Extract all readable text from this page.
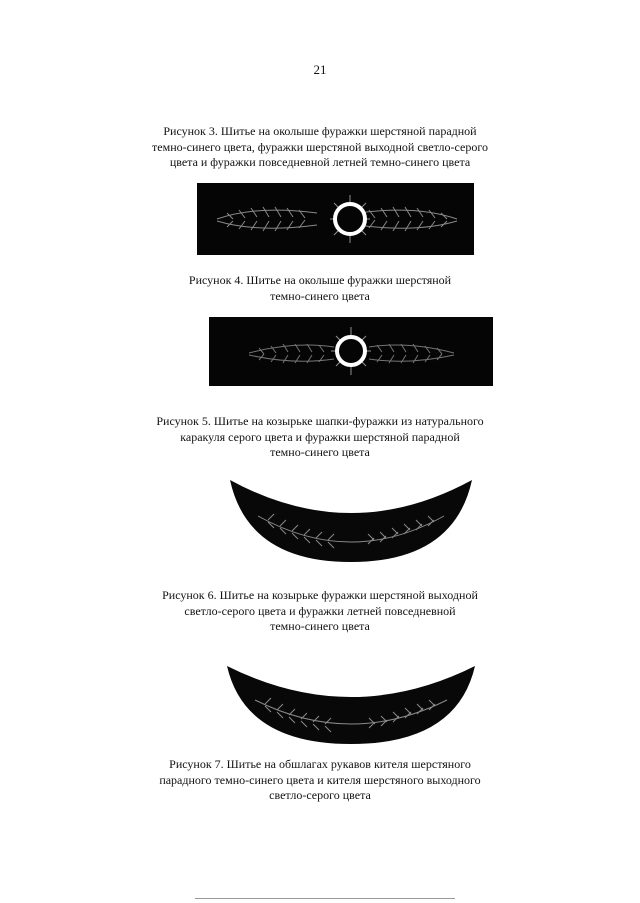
21
Рисунок 3. Шитье на околыше фуражки шерстяной парадной
темно-синего цвета, фуражки шерстяной выходной светло-серого
цвета и фуражки повседневной летней темно-синего цвета
Рисунок 4. Шитье на околыше фуражки шерстяной
темно-синего цвета
Рисунок 5. Шитье на козырьке шапки-фуражки из натурального
каракуля серого цвета и фуражки шерстяной парадной
темно-синего цвета
Рисунок 6. Шитье на козырьке фуражки шерстяной выходной
светло-серого цвета и фуражки летней повседневной
темно-синего цвета
Рисунок 7. Шитье на обшлагах рукавов кителя шерстяного
парадного темно-синего цвета и кителя шерстяного выходного
светло-серого цвета
